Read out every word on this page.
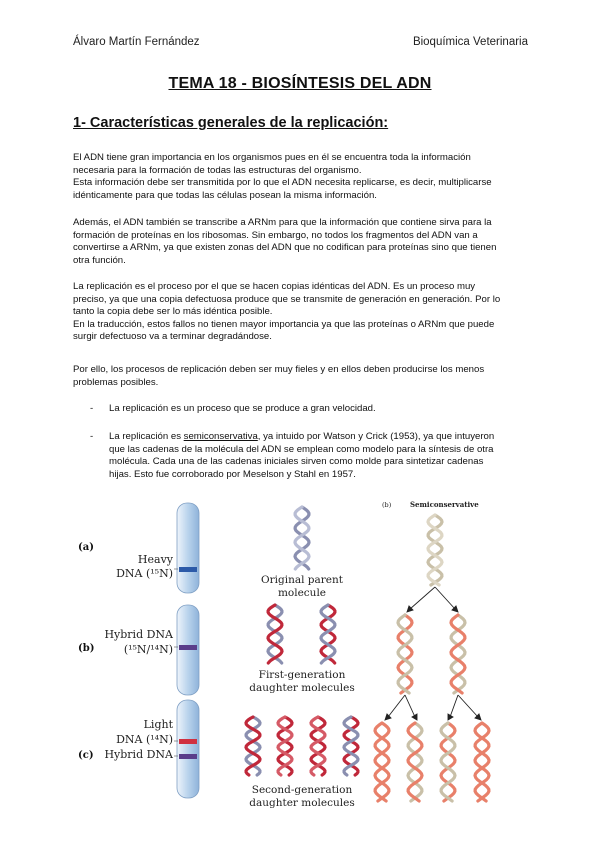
Álvaro Martín Fernández	Bioquímica Veterinaria
TEMA 18 - BIOSÍNTESIS DEL ADN
1- Características generales de la replicación:
El ADN tiene gran importancia en los organismos pues en él se encuentra toda la información
necesaria para la formación de todas las estructuras del organismo.
Esta información debe ser transmitida por lo que el ADN necesita replicarse, es decir, multiplicarse
idénticamente para que todas las células posean la misma información.
Además, el ADN también se transcribe a ARNm para que la información que contiene sirva para la
formación de proteínas en los ribosomas. Sin embargo, no todos los fragmentos del ADN van a
convertirse a ARNm, ya que existen zonas del ADN que no codifican para proteínas sino que tienen
otra función.
La replicación es el proceso por el que se hacen copias idénticas del ADN. Es un proceso muy
preciso, ya que una copia defectuosa produce que se transmite de generación en generación. Por lo
tanto la copia debe ser lo más idéntica posible.
En la traducción, estos fallos no tienen mayor importancia ya que las proteínas o ARNm que puede
surgir defectuoso va a terminar degradándose.
Por ello, los procesos de replicación deben ser muy fieles y en ellos deben producirse los menos
problemas posibles.
- La replicación es un proceso que se produce a gran velocidad.
- La replicación es semiconservativa, ya intuido por Watson y Crick (1953), ya que intuyeron
que las cadenas de la molécula del ADN se emplean como modelo para la síntesis de otra
molécula. Cada una de las cadenas iniciales sirven como molde para sintetizar cadenas
hijas. Esto fue corroborado por Meselson y Stahl en 1957.
(a)
Heavy
DNA (¹⁵N)
Hybrid DNA
(b)	(¹⁵N/¹⁴N)
Light
DNA (¹⁴N)
(c) Hybrid DNA
Original parent
molecule
First-generation
daughter molecules
Second-generation
daughter molecules
(b)	Semiconservative
